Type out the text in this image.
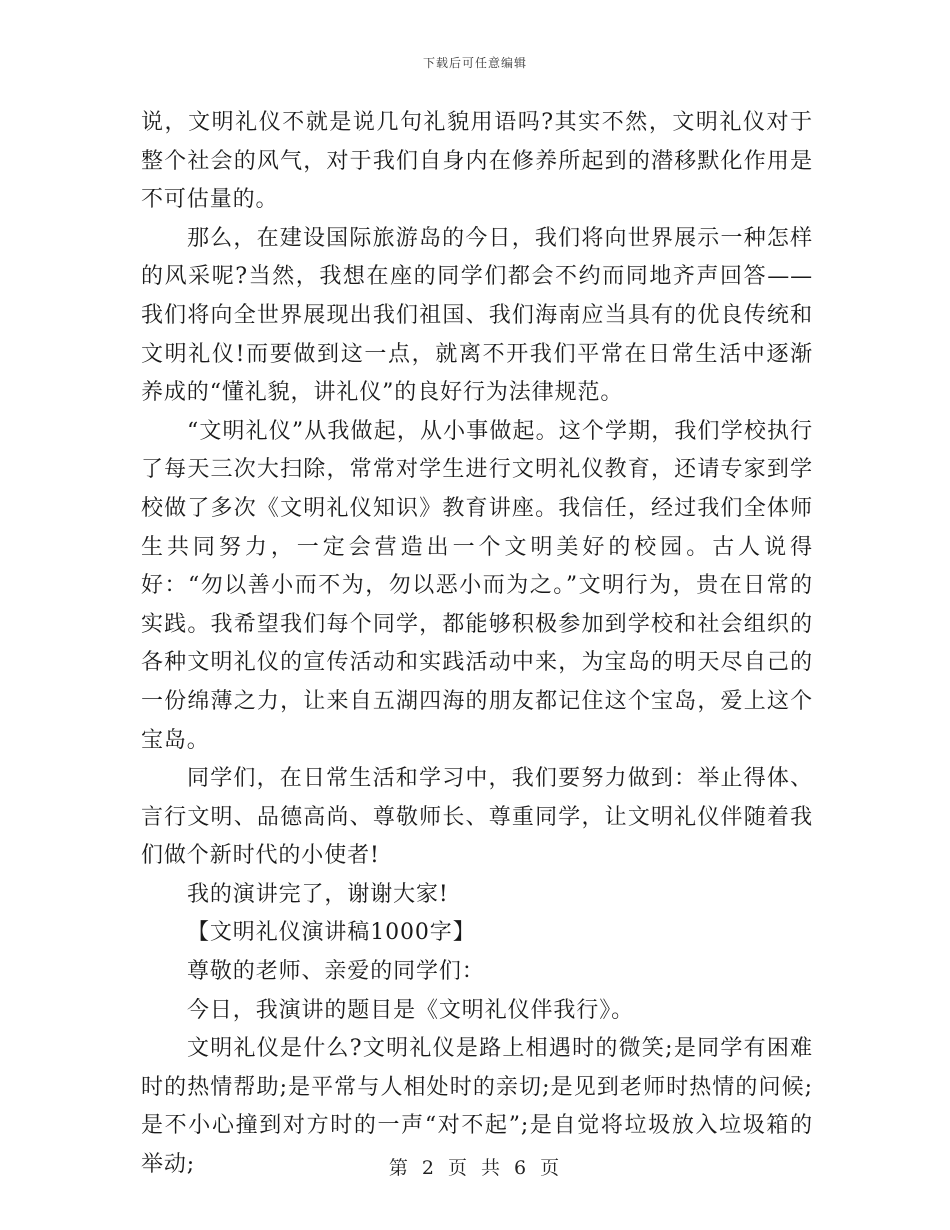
下载后可任意编辑

说，文明礼仪不就是说几句礼貌用语吗?其实不然，文明礼仪对于整个社会的风气，对于我们自身内在修养所起到的潜移默化作用是不可估量的。

那么，在建设国际旅游岛的今日，我们将向世界展示一种怎样的风采呢?当然，我想在座的同学们都会不约而同地齐声回答——我们将向全世界展现出我们祖国、我们海南应当具有的优良传统和文明礼仪!而要做到这一点，就离不开我们平常在日常生活中逐渐养成的“懂礼貌，讲礼仪”的良好行为法律规范。

“文明礼仪”从我做起，从小事做起。这个学期，我们学校执行了每天三次大扫除，常常对学生进行文明礼仪教育，还请专家到学校做了多次《文明礼仪知识》教育讲座。我信任，经过我们全体师生共同努力，一定会营造出一个文明美好的校园。古人说得好：“勿以善小而不为，勿以恶小而为之。”文明行为，贵在日常的实践。我希望我们每个同学，都能够积极参加到学校和社会组织的各种文明礼仪的宣传活动和实践活动中来，为宝岛的明天尽自己的一份绵薄之力，让来自五湖四海的朋友都记住这个宝岛，爱上这个宝岛。

同学们，在日常生活和学习中，我们要努力做到：举止得体、言行文明、品德高尚、尊敬师长、尊重同学，让文明礼仪伴随着我们做个新时代的小使者!

我的演讲完了，谢谢大家!

【文明礼仪演讲稿1000字】

尊敬的老师、亲爱的同学们：

今日，我演讲的题目是《文明礼仪伴我行》。

文明礼仪是什么?文明礼仪是路上相遇时的微笑;是同学有困难时的热情帮助;是平常与人相处时的亲切;是见到老师时热情的问候;是不小心撞到对方时的一声“对不起”;是自觉将垃圾放入垃圾箱的举动;	第 2 页 共 6 页
